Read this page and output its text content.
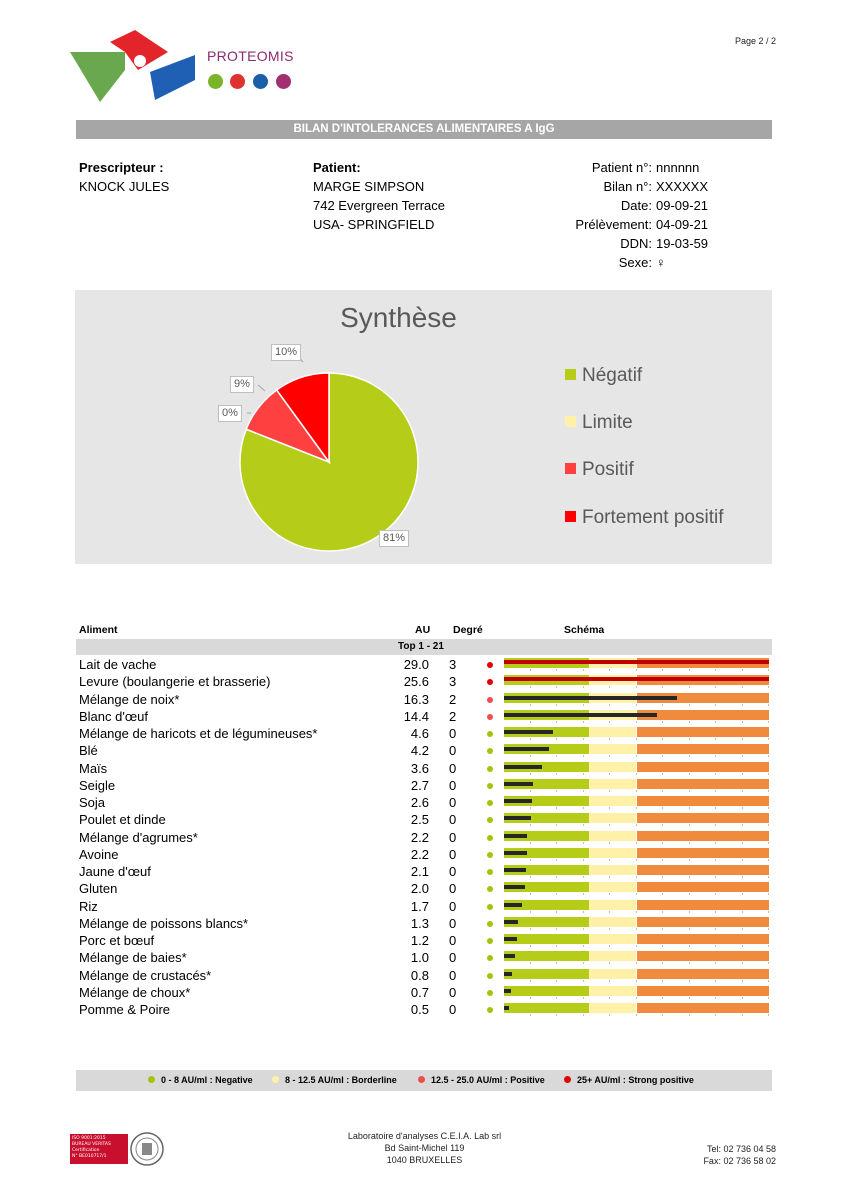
Page 2 / 2
PROTEOMIS
BILAN D'INTOLERANCES ALIMENTAIRES A IgG
Prescripteur :
KNOCK JULES
Patient:
MARGE SIMPSON
742 Evergreen Terrace
USA- SPRINGFIELD
Patient n°: nnnnnn
Bilan n°: XXXXXX
Date: 09-09-21
Prélèvement: 04-09-21
DDN: 19-03-59
Sexe: ♀
Synthèse
81%
0%
9%
10%
Négatif
Limite
Positif
Fortement positif
Aliment	AU Degré	Schéma
Top 1 - 21
Lait de vache	29.0 3
Levure (boulangerie et brasserie)	25.6 3
Mélange de noix*	16.3 2
Blanc d'œuf	14.4 2
Mélange de haricots et de légumineuses*	4.6 0
Blé	4.2 0
Maïs	3.6 0
Seigle	2.7 0
Soja	2.6 0
Poulet et dinde	2.5 0
Mélange d'agrumes*	2.2 0
Avoine	2.2 0
Jaune d'œuf	2.1 0
Gluten	2.0 0
Riz	1.7 0
Mélange de poissons blancs*	1.3 0
Porc et bœuf	1.2 0
Mélange de baies*	1.0 0
Mélange de crustacés*	0.8 0
Mélange de choux*	0.7 0
Pomme & Poire	0.5 0
0 - 8 AU/ml : Negative	8 - 12.5 AU/ml : Borderline	12.5 - 25.0 AU/ml : Positive	25+ AU/ml : Strong positive
ISO 9001:2015
BUREAU VERITAS
Certification
N° BE010717/1
Laboratoire d'analyses C.E.I.A. Lab srl
Bd Saint-Michel 119
1040 BRUXELLES
Tel: 02 736 04 58
Fax: 02 736 58 02
